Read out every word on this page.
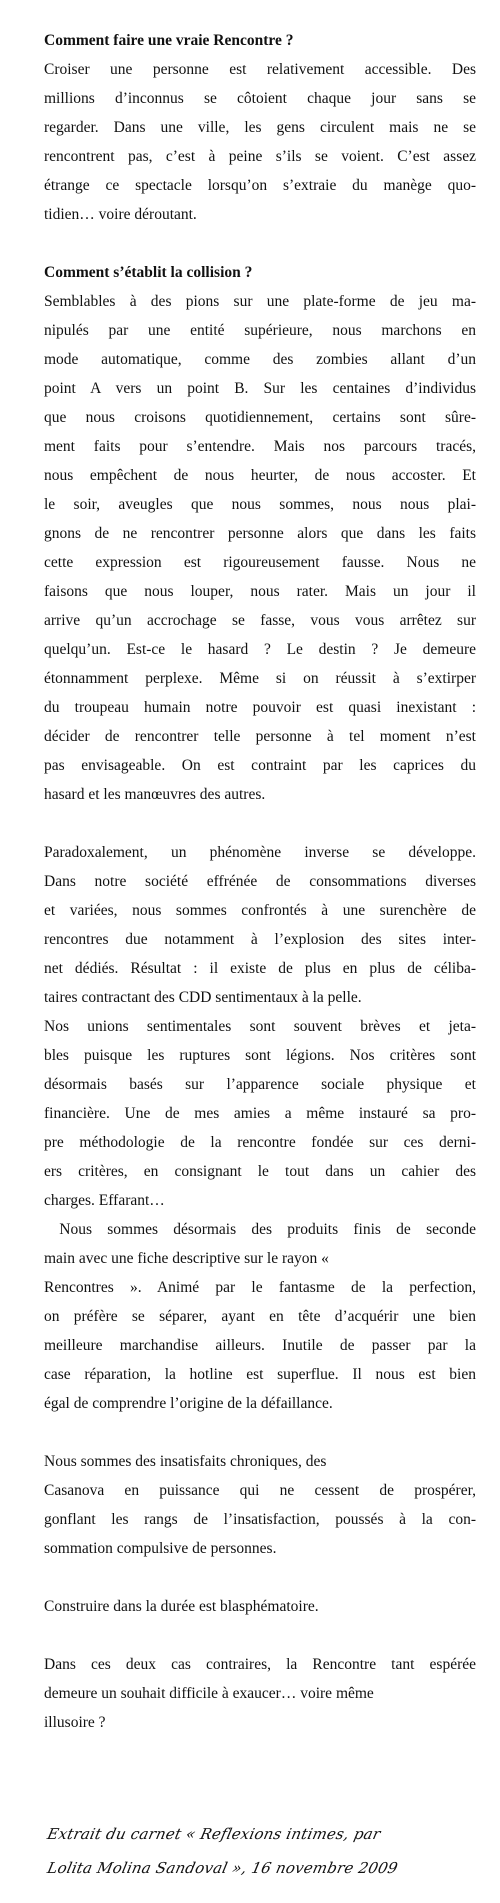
Comment faire une vraie Rencontre ?
Croiser une personne est relativement accessible. Des
millions d’inconnus se côtoient chaque jour sans se
regarder. Dans une ville, les gens circulent mais ne se
rencontrent pas, c’est à peine s’ils se voient. C’est assez
étrange ce spectacle lorsqu’on s’extraie du manège quo-
tidien… voire déroutant.
Comment s’établit la collision ?
Semblables à des pions sur une plate-forme de jeu ma-
nipulés par une entité supérieure, nous marchons en
mode automatique, comme des zombies allant d’un
point A vers un point B. Sur les centaines d’individus
que nous croisons quotidiennement, certains sont sûre-
ment faits pour s’entendre. Mais nos parcours tracés,
nous empêchent de nous heurter, de nous accoster. Et
le soir, aveugles que nous sommes, nous nous plai-
gnons de ne rencontrer personne alors que dans les faits
cette expression est rigoureusement fausse. Nous ne
faisons que nous louper, nous rater. Mais un jour il
arrive qu’un accrochage se fasse, vous vous arrêtez sur
quelqu’un. Est-ce le hasard ? Le destin ? Je demeure
étonnamment perplexe. Même si on réussit à s’extirper
du troupeau humain notre pouvoir est quasi inexistant :
décider de rencontrer telle personne à tel moment n’est
pas envisageable. On est contraint par les caprices du
hasard et les manœuvres des autres.
Paradoxalement, un phénomène inverse se développe.
Dans notre société effrénée de consommations diverses
et variées, nous sommes confrontés à une surenchère de
rencontres due notamment à l’explosion des sites inter-
net dédiés. Résultat : il existe de plus en plus de céliba-
taires contractant des CDD sentimentaux à la pelle.
Nos unions sentimentales sont souvent brèves et jeta-
bles puisque les ruptures sont légions. Nos critères sont
désormais basés sur l’apparence sociale physique et
financière. Une de mes amies a même instauré sa pro-
pre méthodologie de la rencontre fondée sur ces derni-
ers critères, en consignant le tout dans un cahier des
charges. Effarant…
Nous sommes désormais des produits finis de seconde
main avec une fiche descriptive sur le rayon «
Rencontres ». Animé par le fantasme de la perfection,
on préfère se séparer, ayant en tête d’acquérir une bien
meilleure marchandise ailleurs. Inutile de passer par la
case réparation, la hotline est superflue. Il nous est bien
égal de comprendre l’origine de la défaillance.
Nous sommes des insatisfaits chroniques, des
Casanova en puissance qui ne cessent de prospérer,
gonflant les rangs de l’insatisfaction, poussés à la con-
sommation compulsive de personnes.
Construire dans la durée est blasphématoire.
Dans ces deux cas contraires, la Rencontre tant espérée
demeure un souhait difficile à exaucer… voire même
illusoire ?
Extrait du carnet « Reflexions intimes, par
Lolita Molina Sandoval », 16 novembre 2009
